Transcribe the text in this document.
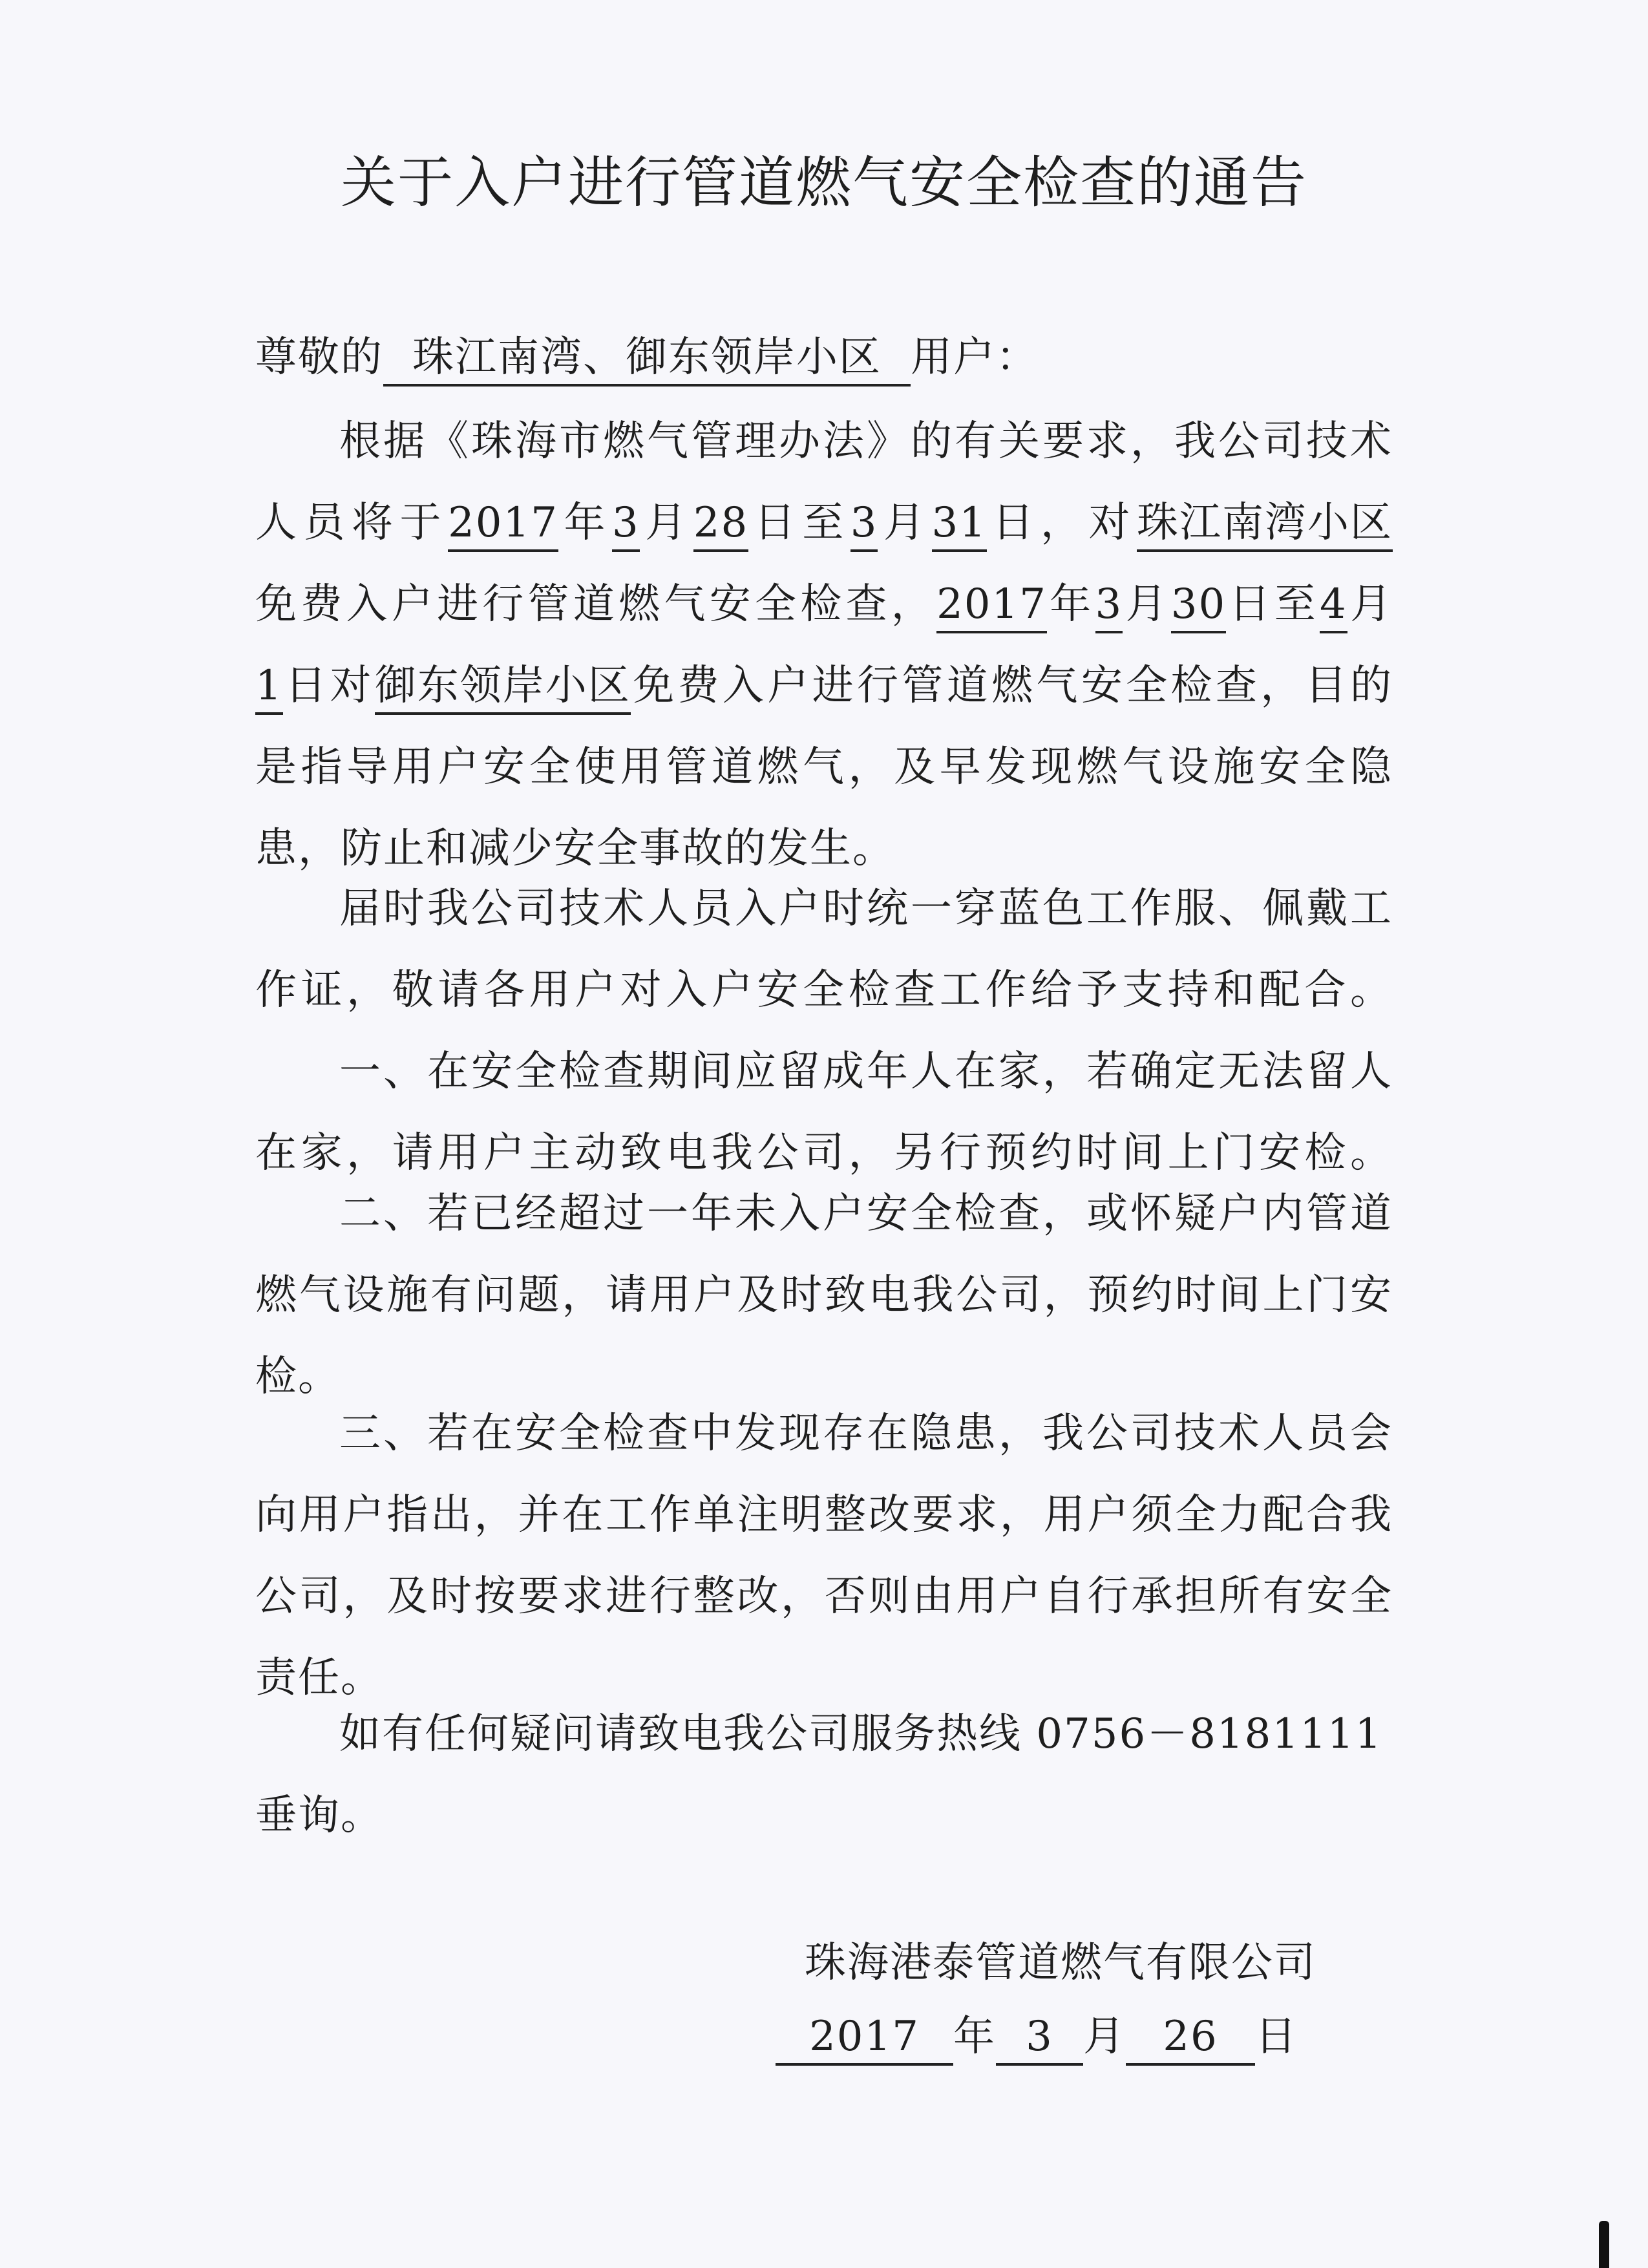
关于入户进行管道燃气安全检查的通告
尊敬的 珠江南湾、御东领岸小区 用户：
根据《珠海市燃气管理办法》的有关要求，我公司技术
人员将于2017年3月28日至3月31日，对珠江南湾小区
免费入户进行管道燃气安全检查，2017年3月30日至4月
1日对御东领岸小区免费入户进行管道燃气安全检查，目的
是指导用户安全使用管道燃气，及早发现燃气设施安全隐
患，防止和减少安全事故的发生。
届时我公司技术人员入户时统一穿蓝色工作服、佩戴工
作证，敬请各用户对入户安全检查工作给予支持和配合。
一、在安全检查期间应留成年人在家，若确定无法留人
在家，请用户主动致电我公司，另行预约时间上门安检。
二、若已经超过一年未入户安全检查，或怀疑户内管道
燃气设施有问题，请用户及时致电我公司，预约时间上门安
检。
三、若在安全检查中发现存在隐患，我公司技术人员会
向用户指出，并在工作单注明整改要求，用户须全力配合我
公司，及时按要求进行整改，否则由用户自行承担所有安全
责任。
如有任何疑问请致电我公司服务热线 0756－8181111
垂询。
珠海港泰管道燃气有限公司
2017 年 3 月 26 日
